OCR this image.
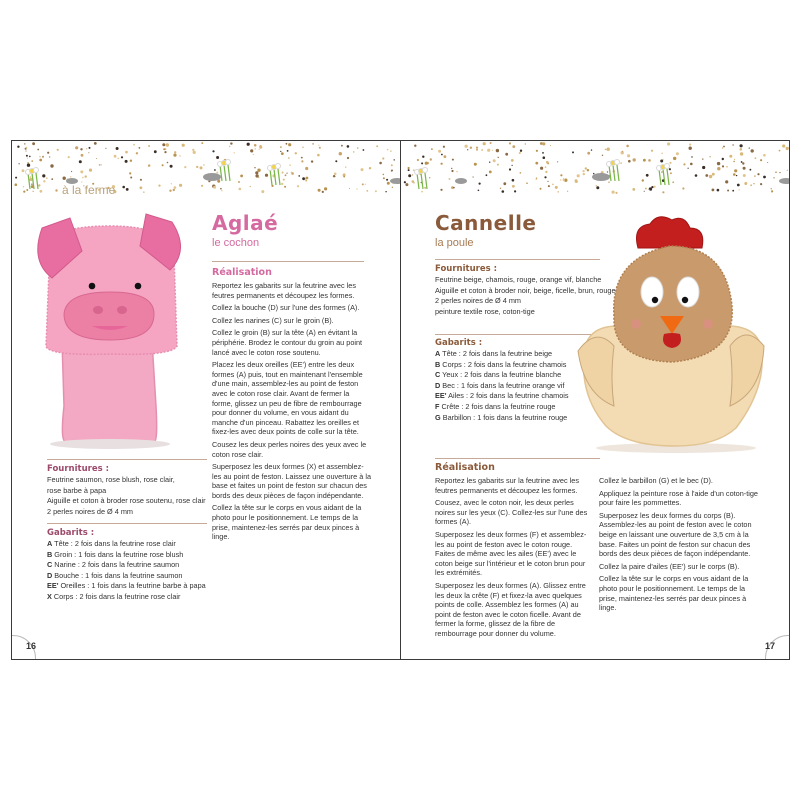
à la ferme
Aglaé
le cochon
Réalisation

Reportez les gabarits sur la feutrine avec les feutres permanents et découpez les formes.

Collez la bouche (D) sur l'une des formes (A).

Collez les narines (C) sur le groin (B).

Collez le groin (B) sur la tête (A) en évitant la périphérie. Brodez le contour du groin au point lancé avec le coton rose soutenu.

Placez les deux oreilles (EE') entre les deux formes (A) puis, tout en maintenant l'ensemble d'une main, assemblez-les au point de feston avec le coton rose clair. Avant de fermer la forme, glissez un peu de fibre de rembourrage pour donner du volume, en vous aidant du manche d'un pinceau. Rabattez les oreilles et fixez-les avec deux points de colle sur la tête.

Cousez les deux perles noires des yeux avec le coton rose clair.

Superposez les deux formes (X) et assemblez-les au point de feston. Laissez une ouverture à la base et faites un point de feston sur chacun des bords des deux pièces de façon indépendante.

Collez la tête sur le corps en vous aidant de la photo pour le positionnement. Le temps de la prise, maintenez-les serrés par deux pinces à linge.

Fournitures :
Feutrine saumon, rose blush, rose clair,
rose barbe à papa
Aiguille et coton à broder rose soutenu, rose clair
2 perles noires de Ø 4 mm
Gabarits :
A Tête : 2 fois dans la feutrine rose clair
B Groin : 1 fois dans la feutrine rose blush
C Narine : 2 fois dans la feutrine saumon
D Bouche : 1 fois dans la feutrine saumon
EE' Oreilles : 1 fois dans la feutrine barbe à papa
X Corps : 2 fois dans la feutrine rose clair
16
Cannelle
la poule
Fournitures :
Feutrine beige, chamois, rouge, orange vif, blanche
Aiguille et coton à broder noir, beige, ficelle, brun, rouge
2 perles noires de Ø 4 mm
peinture textile rose, coton-tige
Gabarits :
A Tête : 2 fois dans la feutrine beige
B Corps : 2 fois dans la feutrine chamois
C Yeux : 2 fois dans la feutrine blanche
D Bec : 1 fois dans la feutrine orange vif
EE' Ailes : 2 fois dans la feutrine chamois
F Crête : 2 fois dans la feutrine rouge
G Barbillon : 1 fois dans la feutrine rouge
Réalisation

Reportez les gabarits sur la feutrine avec les feutres permanents et découpez les formes.

Cousez, avec le coton noir, les deux perles noires sur les yeux (C). Collez-les sur l'une des formes (A).

Superposez les deux formes (F) et assemblez-les au point de feston avec le coton rouge. Faites de même avec les ailes (EE') avec le coton beige sur l'intérieur et le coton brun pour les extrémités.

Superposez les deux formes (A). Glissez entre les deux la crête (F) et fixez-la avec quelques points de colle. Assemblez les formes (A) au point de feston avec le coton ficelle. Avant de fermer la forme, glissez de la fibre de rembourrage pour donner du volume.

Collez le barbillon (G) et le bec (D).

Appliquez la peinture rose à l'aide d'un coton-tige pour faire les pommettes.

Superposez les deux formes du corps (B). Assemblez-les au point de feston avec le coton beige en laissant une ouverture de 3,5 cm à la base. Faites un point de feston sur chacun des bords des deux pièces de façon indépendante.

Collez la paire d'ailes (EE') sur le corps (B).

Collez la tête sur le corps en vous aidant de la photo pour le positionnement. Le temps de la prise, maintenez-les serrés par deux pinces à linge.

17
